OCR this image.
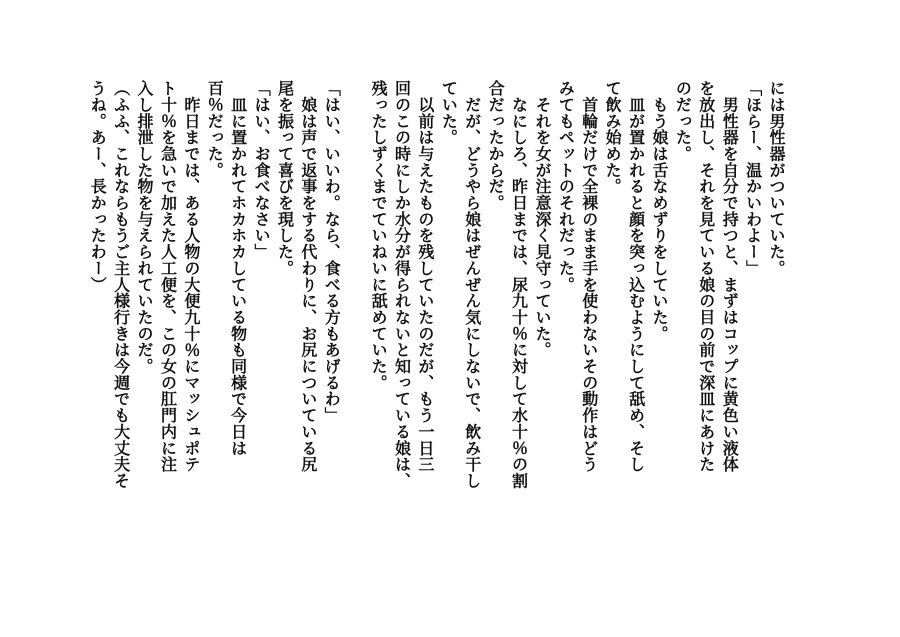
には男性器がついていた。
「ほらー、温かいわよー」
　男性器を自分で持つと、まずはコップに黄色い液体
を放出し、それを見ている娘の目の前で深皿にあけた
のだった。
　もう娘は舌なめずりをしていた。
　皿が置かれると顔を突っ込むようにして舐め、そし
て飲み始めた。
　首輪だけで全裸のまま手を使わないその動作はどう
みてもペットのそれだった。
　それを女が注意深く見守っていた。
　なにしろ、昨日までは、尿九十％に対して水十％の割
合だったからだ。
　だが、どうやら娘はぜんぜん気にしないで、飲み干し
ていた。
　以前は与えたものを残していたのだが、もう一日三
回のこの時にしか水分が得られないと知っている娘は、
残ったしずくまでていねいに舐めていた。
「はい、いいわ。なら、食べる方もあげるわ」
　娘は声で返事をする代わりに、お尻についている尻
尾を振って喜びを現した。
「はい、お食べなさい」
　皿に置かれてホカホカしている物も同様で今日は
百％だった。
　昨日までは、ある人物の大便九十％にマッシュポテ
ト十％を急いで加えた人工便を、この女の肛門内に注
入し排泄した物を与えられていたのだ。
（ふふ、これならもうご主人様行きは今週でも大丈夫そ
うね。あー、長かったわー）
